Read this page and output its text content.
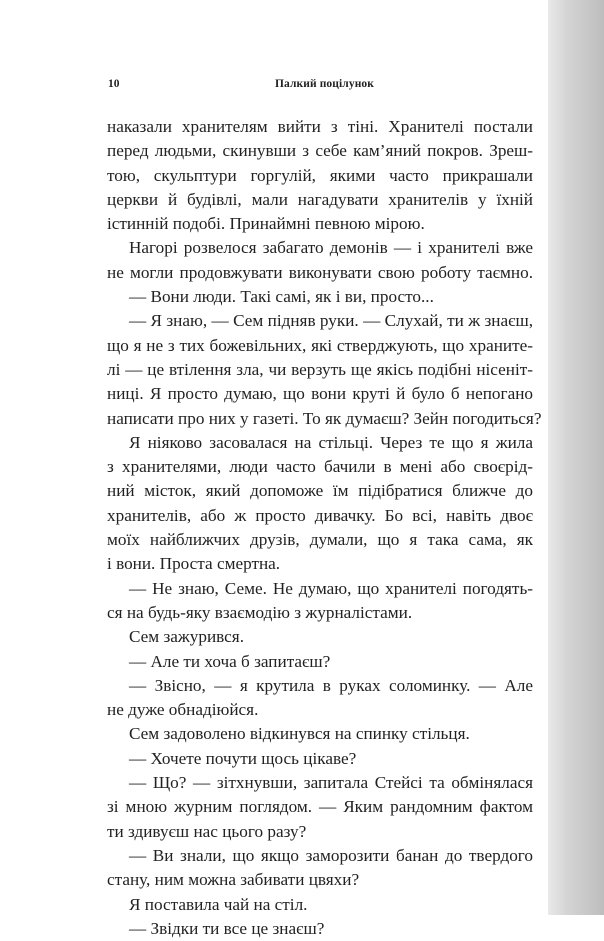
10	Палкий поцілунок
наказали хранителям вийти з тіні. Хранителі постали
перед людьми, скинувши з себе кам’яний покров. Зреш-
тою, скульптури горгулій, якими часто прикрашали
церкви й будівлі, мали нагадувати хранителів у їхній
істинній подобі. Принаймні певною мірою.
Нагорі розвелося забагато демонів — і хранителі вже
не могли продовжувати виконувати свою роботу таємно.
— Вони люди. Такі самі, як і ви, просто...
— Я знаю, — Сем підняв руки. — Слухай, ти ж знаєш,
що я не з тих божевільних, які стверджують, що храните-
лі — це втілення зла, чи верзуть ще якісь подібні нісеніт-
ниці. Я просто думаю, що вони круті й було б непогано
написати про них у газеті. То як думаєш? Зейн погодиться?
Я ніяково засовалася на стільці. Через те що я жила
з хранителями, люди часто бачили в мені або своєрід-
ний місток, який допоможе їм підібратися ближче до
хранителів, або ж просто дивачку. Бо всі, навіть двоє
моїх найближчих друзів, думали, що я така сама, як
і вони. Проста смертна.
— Не знаю, Семе. Не думаю, що хранителі погодять-
ся на будь-яку взаємодію з журналістами.
Сем зажурився.
— Але ти хоча б запитаєш?
— Звісно, — я крутила в руках соломинку. — Але
не дуже обнадіюйся.
Сем задоволено відкинувся на спинку стільця.
— Хочете почути щось цікаве?
— Що? — зітхнувши, запитала Стейсі та обмінялася
зі мною журним поглядом. — Яким рандомним фактом
ти здивуєш нас цього разу?
— Ви знали, що якщо заморозити банан до твердого
стану, ним можна забивати цвяхи?
Я поставила чай на стіл.
— Звідки ти все це знаєш?
